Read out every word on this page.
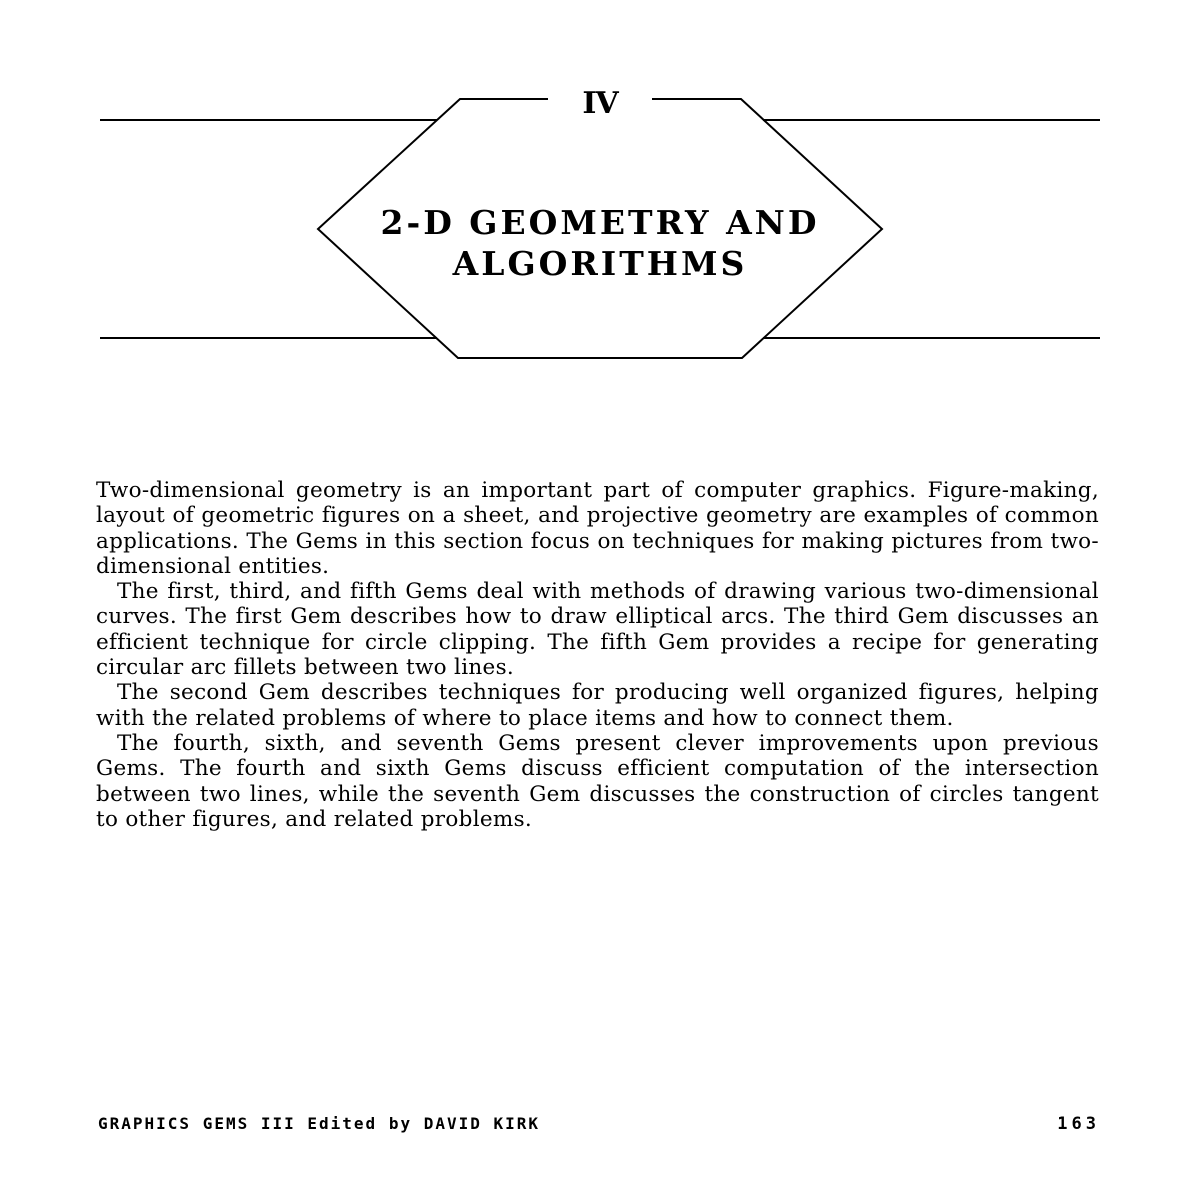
IV
2-D GEOMETRY AND
ALGORITHMS

Two-dimensional geometry is an important part of computer graphics. Figure-making, layout of geometric figures on a sheet, and projective geometry are examples of common applications. The Gems in this section focus on techniques for making pictures from two-dimensional entities.

The first, third, and fifth Gems deal with methods of drawing various two-dimensional curves. The first Gem describes how to draw elliptical arcs. The third Gem discusses an efficient technique for circle clipping. The fifth Gem provides a recipe for generating circular arc fillets between two lines.

The second Gem describes techniques for producing well organized figures, helping with the related problems of where to place items and how to connect them.

The fourth, sixth, and seventh Gems present clever improvements upon previous Gems. The fourth and sixth Gems discuss efficient computation of the intersection between two lines, while the seventh Gem discusses the construction of circles tangent to other figures, and related problems.

GRAPHICS GEMS III Edited by DAVID KIRK	163
